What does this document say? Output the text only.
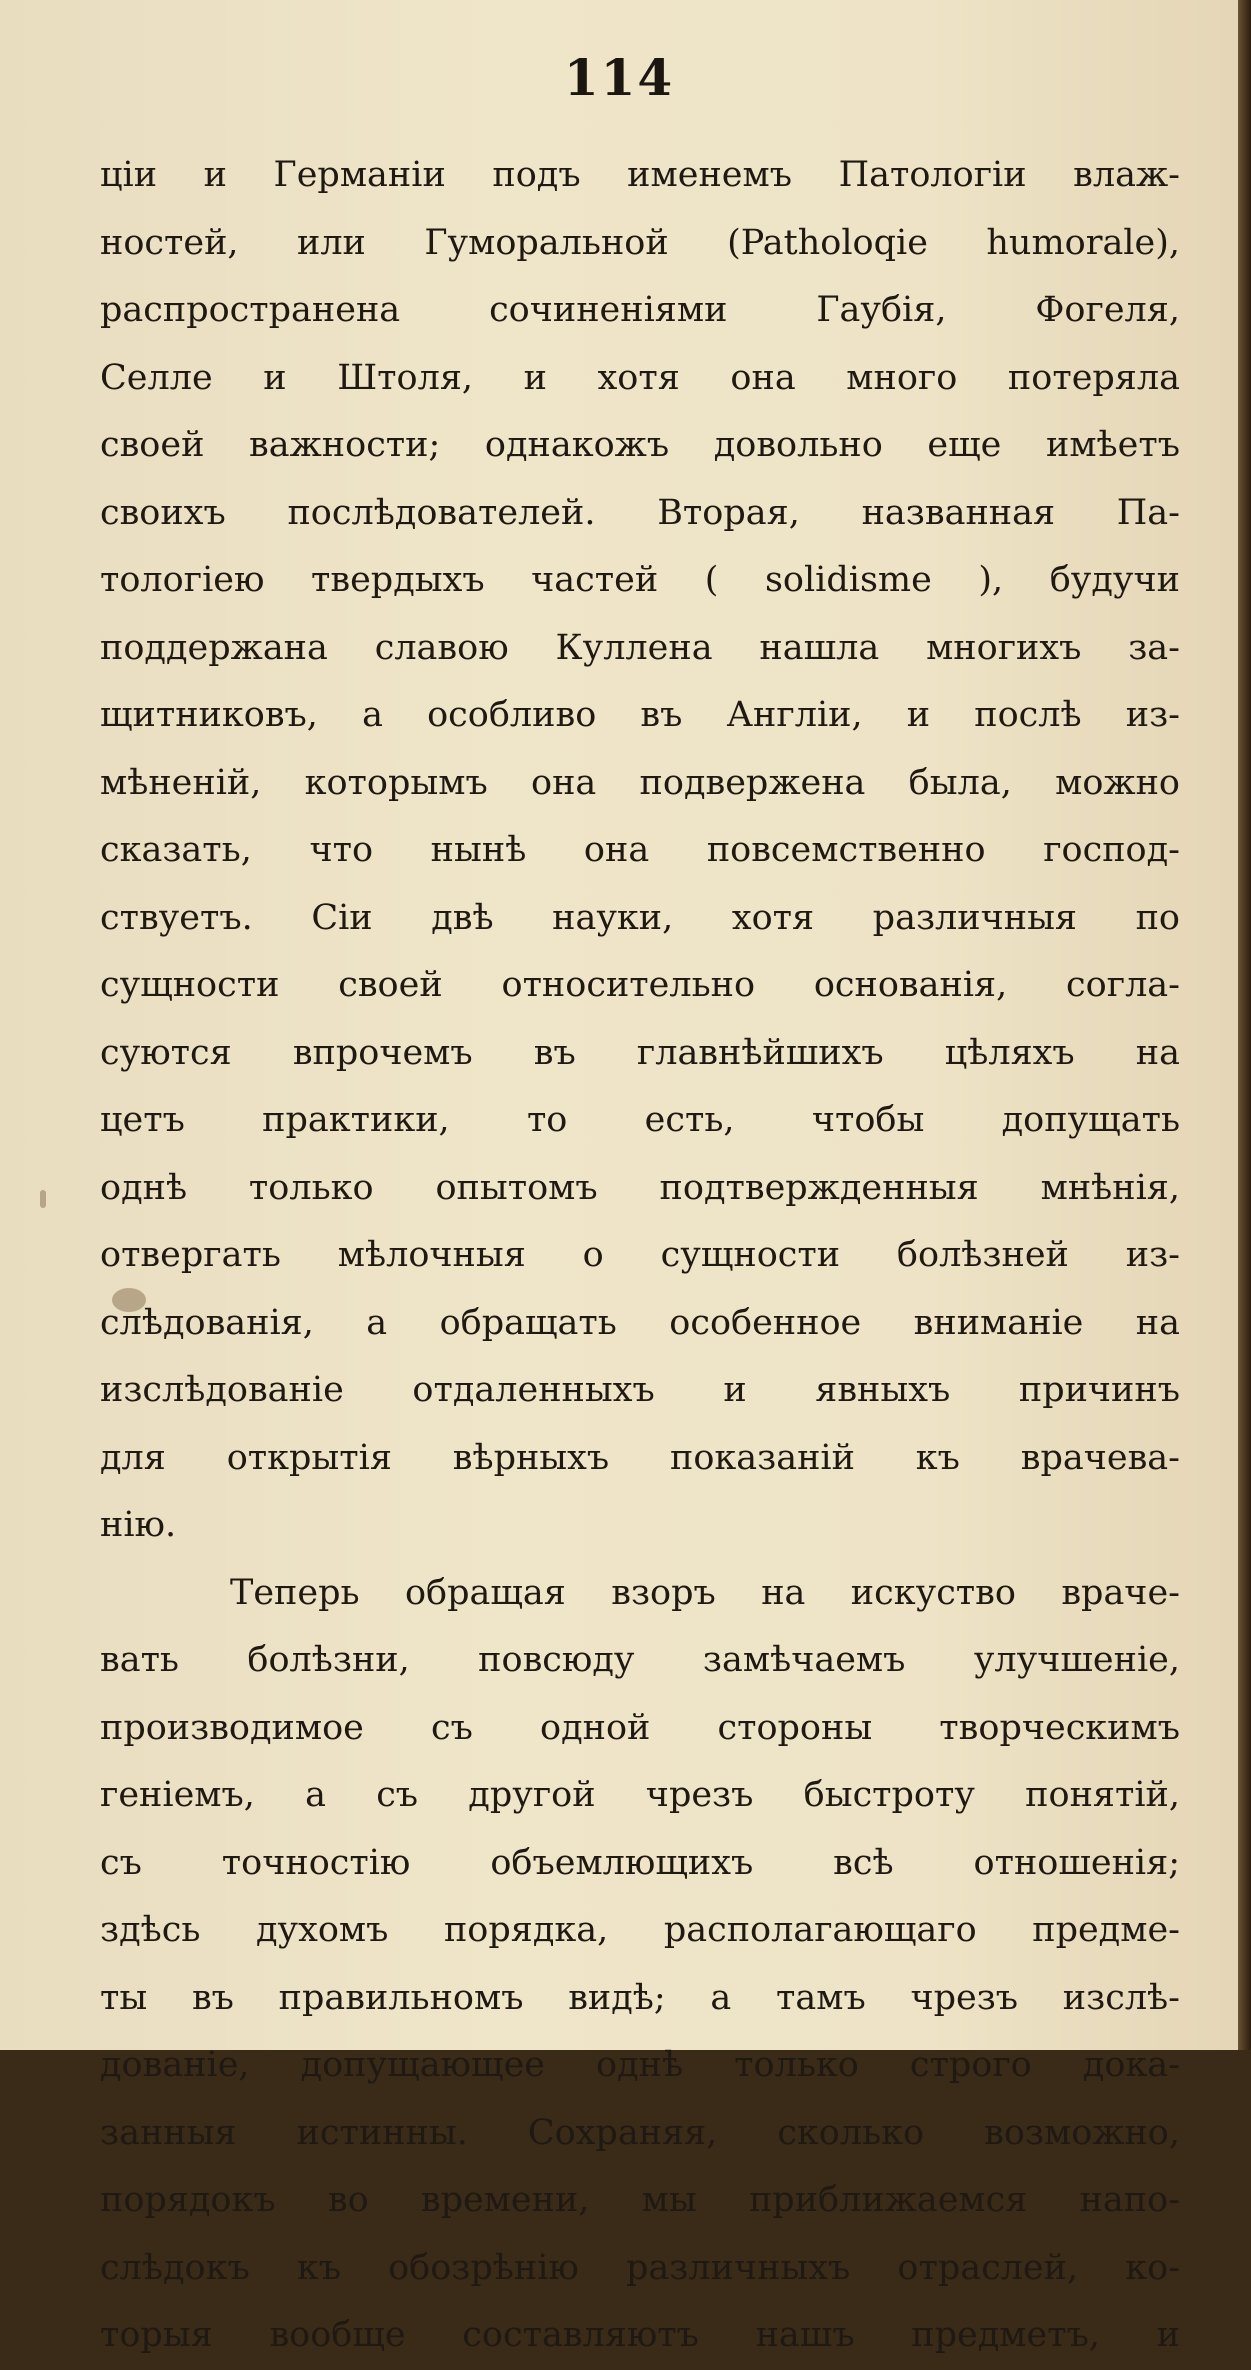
114
ціи и Германіи подъ именемъ Патологіи влаж-
ностей, или Гуморальной (Patholoqie humorale),
распространена сочиненіями Гаубія, Фогеля,
Селле и Штоля, и хотя она много потеряла
своей важности; однакожъ довольно еще имѣетъ
своихъ послѣдователей. Вторая, названная Па-
тологіею твердыхъ частей ( solidisme ), будучи
поддержана славою Куллена нашла многихъ за-
щитниковъ, а особливо въ Англіи, и послѣ из-
мѣненій, которымъ она подвержена была, можно
сказать, что нынѣ она повсемственно господ-
ствуетъ. Сіи двѣ науки, хотя различныя по
сущности своей относительно основанія, согла-
суются впрочемъ въ главнѣйшихъ цѣляхъ на
цетъ практики, то есть, чтобы допущать
однѣ только опытомъ подтвержденныя мнѣнія,
отвергать мѣлочныя о сущности болѣзней из-
слѣдованія, а обращать особенное вниманіе на
изслѣдованіе отдаленныхъ и явныхъ причинъ
для открытія вѣрныхъ показаній къ врачева-
нію.
Теперь обращая взоръ на искуство враче-
вать болѣзни, повсюду замѣчаемъ улучшеніе,
производимое съ одной стороны творческимъ
геніемъ, а съ другой чрезъ быстроту понятій,
съ точностію объемлющихъ всѣ отношенія;
здѣсь духомъ порядка, располагающаго предме-
ты въ правильномъ видѣ; а тамъ чрезъ изслѣ-
дованіе, допущающее однѣ только строго дока-
занныя истинны. Сохраняя, сколько возможно,
порядокъ во времени, мы приближаемся напо-
слѣдокъ къ обозрѣнію различныхъ отраслей, ко-
торыя вообще составляютъ нашъ предметъ, и
